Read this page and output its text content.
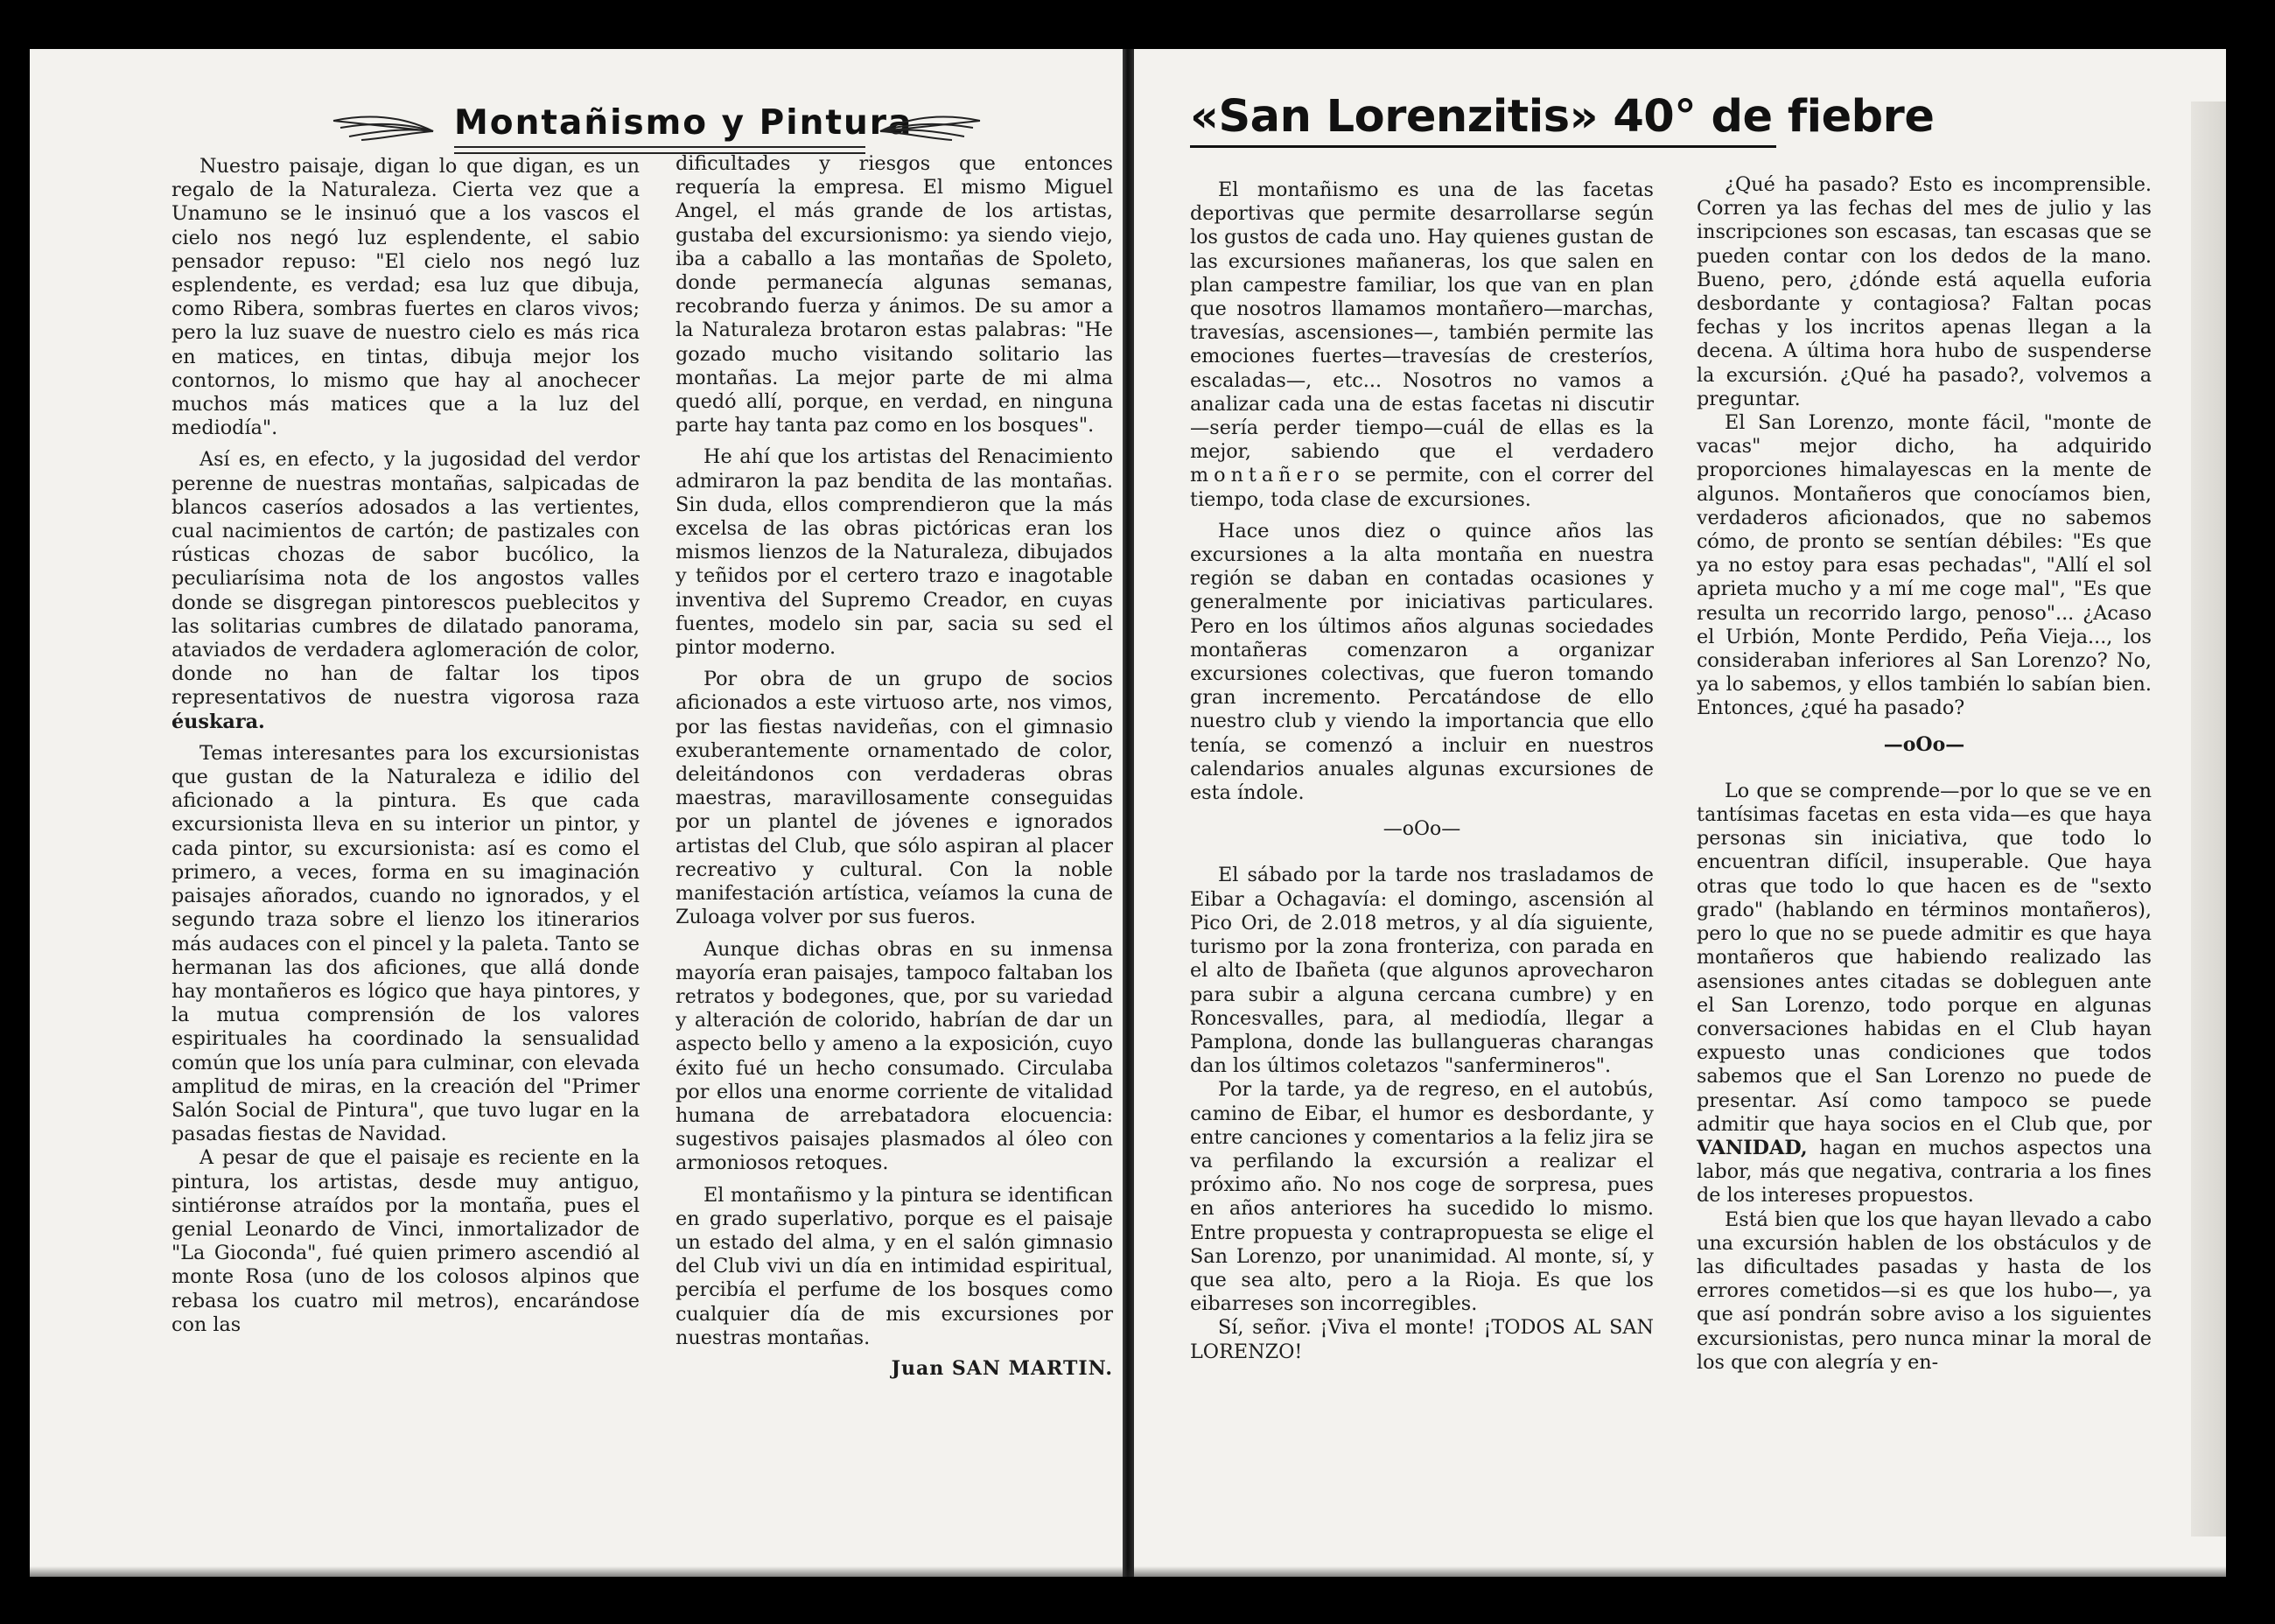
Montañismo y Pintura

Nuestro paisaje, digan lo que digan, es un regalo de la Naturaleza. Cierta vez que a Unamuno se le insinuó que a los vascos el cielo nos negó luz esplendente, el sabio pensador repuso: "El cielo nos negó luz esplendente, es verdad; esa luz que dibuja, como Ribera, sombras fuertes en claros vivos; pero la luz suave de nuestro cielo es más rica en matices, en tintas, dibuja mejor los contornos, lo mismo que hay al anochecer muchos más matices que a la luz del mediodía".

Así es, en efecto, y la jugosidad del verdor perenne de nuestras montañas, salpicadas de blancos caseríos adosados a las vertientes, cual nacimientos de cartón; de pastizales con rústicas chozas de sabor bucólico, la peculiarísima nota de los angostos valles donde se disgregan pintorescos pueblecitos y las solitarias cumbres de dilatado panorama, ataviados de verdadera aglomeración de color, donde no han de faltar los tipos representativos de nuestra vigorosa raza éuskara.

Temas interesantes para los excursionistas que gustan de la Naturaleza e idilio del aficionado a la pintura. Es que cada excursionista lleva en su interior un pintor, y cada pintor, su excursionista: así es como el primero, a veces, forma en su imaginación paisajes añorados, cuando no ignorados, y el segundo traza sobre el lienzo los itinerarios más audaces con el pincel y la paleta. Tanto se hermanan las dos aficiones, que allá donde hay montañeros es lógico que haya pintores, y la mutua comprensión de los valores espirituales ha coordinado la sensualidad común que los unía para culminar, con elevada amplitud de miras, en la creación del "Primer Salón Social de Pintura", que tuvo lugar en la pasadas fiestas de Navidad.

A pesar de que el paisaje es reciente en la pintura, los artistas, desde muy antiguo, sintiéronse atraídos por la montaña, pues el genial Leonardo de Vinci, inmortalizador de "La Gioconda", fué quien primero ascendió al monte Rosa (uno de los colosos alpinos que rebasa los cuatro mil metros), encarándose con las

dificultades y riesgos que entonces requería la empresa. El mismo Miguel Angel, el más grande de los artistas, gustaba del excursionismo: ya siendo viejo, iba a caballo a las montañas de Spoleto, donde permanecía algunas semanas, recobrando fuerza y ánimos. De su amor a la Naturaleza brotaron estas palabras: "He gozado mucho visitando solitario las montañas. La mejor parte de mi alma quedó allí, porque, en verdad, en ninguna parte hay tanta paz como en los bosques".

He ahí que los artistas del Renacimiento admiraron la paz bendita de las montañas. Sin duda, ellos comprendieron que la más excelsa de las obras pictóricas eran los mismos lienzos de la Naturaleza, dibujados y teñidos por el certero trazo e inagotable inventiva del Supremo Creador, en cuyas fuentes, modelo sin par, sacia su sed el pintor moderno.

Por obra de un grupo de socios aficionados a este virtuoso arte, nos vimos, por las fiestas navideñas, con el gimnasio exuberantemente ornamentado de color, deleitándonos con verdaderas obras maestras, maravillosamente conseguidas por un plantel de jóvenes e ignorados artistas del Club, que sólo aspiran al placer recreativo y cultural. Con la noble manifestación artística, veíamos la cuna de Zuloaga volver por sus fueros.

Aunque dichas obras en su inmensa mayoría eran paisajes, tampoco faltaban los retratos y bodegones, que, por su variedad y alteración de colorido, habrían de dar un aspecto bello y ameno a la exposición, cuyo éxito fué un hecho consumado. Circulaba por ellos una enorme corriente de vitalidad humana de arrebatadora elocuencia: sugestivos paisajes plasmados al óleo con armoniosos retoques.

El montañismo y la pintura se identifican en grado superlativo, porque es el paisaje un estado del alma, y en el salón gimnasio del Club vivi un día en intimidad espiritual, percibía el perfume de los bosques como cualquier día de mis excursiones por nuestras montañas.

Juan SAN MARTIN.
«San Lorenzitis» 40° de fiebre

El montañismo es una de las facetas deportivas que permite desarrollarse según los gustos de cada uno. Hay quienes gustan de las excursiones mañaneras, los que salen en plan campestre familiar, los que van en plan que nosotros llamamos montañero—marchas, travesías, ascensiones—, también permite las emociones fuertes—travesías de cresteríos, escaladas—, etc... Nosotros no vamos a analizar cada una de estas facetas ni discutir—sería perder tiempo—cuál de ellas es la mejor, sabiendo que el verdadero montañero se permite, con el correr del tiempo, toda clase de excursiones.

Hace unos diez o quince años las excursiones a la alta montaña en nuestra región se daban en contadas ocasiones y generalmente por iniciativas particulares. Pero en los últimos años algunas sociedades montañeras comenzaron a organizar excursiones colectivas, que fueron tomando gran incremento. Percatándose de ello nuestro club y viendo la importancia que ello tenía, se comenzó a incluir en nuestros calendarios anuales algunas excursiones de esta índole.

—oOo—

El sábado por la tarde nos trasladamos de Eibar a Ochagavía: el domingo, ascensión al Pico Ori, de 2.018 metros, y al día siguiente, turismo por la zona fronteriza, con parada en el alto de Ibañeta (que algunos aprovecharon para subir a alguna cercana cumbre) y en Roncesvalles, para, al mediodía, llegar a Pamplona, donde las bullangueras charangas dan los últimos coletazos "sanfermineros".

Por la tarde, ya de regreso, en el autobús, camino de Eibar, el humor es desbordante, y entre canciones y comentarios a la feliz jira se va perfilando la excursión a realizar el próximo año. No nos coge de sorpresa, pues en años anteriores ha sucedido lo mismo. Entre propuesta y contrapropuesta se elige el San Lorenzo, por unanimidad. Al monte, sí, y que sea alto, pero a la Rioja. Es que los eibarreses son incorregibles.

Sí, señor. ¡Viva el monte! ¡TODOS AL SAN LORENZO!

¿Qué ha pasado? Esto es incomprensible. Corren ya las fechas del mes de julio y las inscripciones son escasas, tan escasas que se pueden contar con los dedos de la mano. Bueno, pero, ¿dónde está aquella euforia desbordante y contagiosa? Faltan pocas fechas y los incritos apenas llegan a la decena. A última hora hubo de suspenderse la excursión. ¿Qué ha pasado?, volvemos a preguntar.

El San Lorenzo, monte fácil, "monte de vacas" mejor dicho, ha adquirido proporciones himalayescas en la mente de algunos. Montañeros que conocíamos bien, verdaderos aficionados, que no sabemos cómo, de pronto se sentían débiles: "Es que ya no estoy para esas pechadas", "Allí el sol aprieta mucho y a mí me coge mal", "Es que resulta un recorrido largo, penoso"... ¿Acaso el Urbión, Monte Perdido, Peña Vieja..., los consideraban inferiores al San Lorenzo? No, ya lo sabemos, y ellos también lo sabían bien. Entonces, ¿qué ha pasado?

—oOo—

Lo que se comprende—por lo que se ve en tantísimas facetas en esta vida—es que haya personas sin iniciativa, que todo lo encuentran difícil, insuperable. Que haya otras que todo lo que hacen es de "sexto grado" (hablando en términos montañeros), pero lo que no se puede admitir es que haya montañeros que habiendo realizado las asensiones antes citadas se dobleguen ante el San Lorenzo, todo porque en algunas conversaciones habidas en el Club hayan expuesto unas condiciones que todos sabemos que el San Lorenzo no puede de presentar. Así como tampoco se puede admitir que haya socios en el Club que, por VANIDAD, hagan en muchos aspectos una labor, más que negativa, contraria a los fines de los intereses propuestos.

Está bien que los que hayan llevado a cabo una excursión hablen de los obstáculos y de las dificultades pasadas y hasta de los errores cometidos—si es que los hubo—, ya que así pondrán sobre aviso a los siguientes excursionistas, pero nunca minar la moral de los que con alegría y en-
